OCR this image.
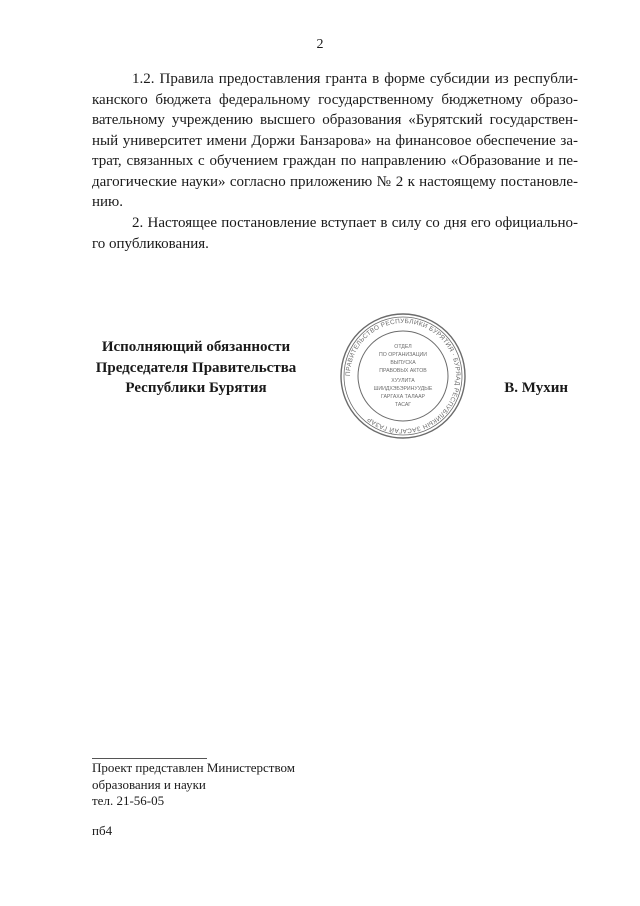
2

1.2. Правила предоставления гранта в форме субсидии из республи- канского бюджета федеральному государственному бюджетному образо- вательному учреждению высшего образования «Бурятский государствен- ный университет имени Доржи Банзарова» на финансовое обеспечение за- трат, связанных с обучением граждан по направлению «Образование и пе- дагогические науки» согласно приложению № 2 к настоящему постановле- нию.

2. Настоящее постановление вступает в силу со дня его официально- го опубликования.

Исполняющий обязанности
Председателя Правительства
Республики Бурятия
ПРАВИТЕЛЬСТВО РЕСПУБЛИКИ БУРЯТИЯ · БУРЯАД РЕСПУБЛИКЫН ЗАСАГАЙ ГАЗАР
ОТДЕЛ
ПО ОРГАНИЗАЦИИ
ВЫПУСКА
ПРАВОВЫХ АКТОВ
ХУУЛИТА
ШИИДХЭБЭРИНУУДЫЕ
ГАРГАХА ТАЛААР
ТАСАГ
В. Мухин
Проект представлен Министерством
образования и науки
тел. 21-56-05
пб4
